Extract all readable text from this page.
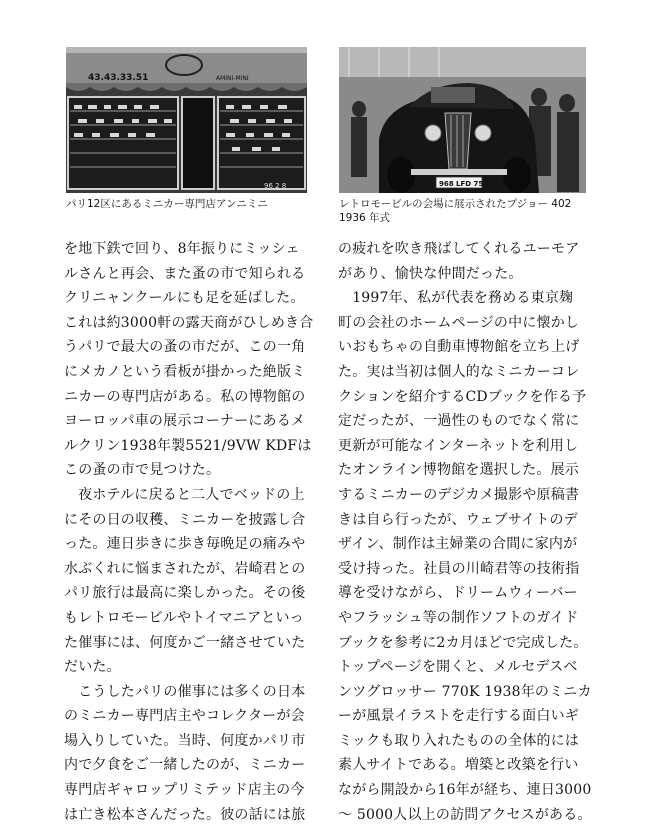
43.43.33.51	AMINI-MINI
96 2 8
パリ12区にあるミニカー専門店アンニミニ
968 LFD 75
レトロモービルの会場に展示されたプジョー 402
1936 年式
を地下鉄で回り、8年振りにミッシェ
ルさんと再会、また蚤の市で知られる
クリニャンクールにも足を延ばした。
これは約3000軒の露天商がひしめき合
うパリで最大の蚤の市だが、この一角
にメカノという看板が掛かった絶版ミ
ニカーの専門店がある。私の博物館の
ヨーロッパ車の展示コーナーにあるメ
ルクリン1938年製5521/9VW KDFは
この蚤の市で見つけた。
　夜ホテルに戻ると二人でベッドの上
にその日の収穫、ミニカーを披露し合
った。連日歩きに歩き毎晩足の痛みや
水ぶくれに悩まされたが、岩崎君との
パリ旅行は最高に楽しかった。その後
もレトロモービルやトイマニアといっ
た催事には、何度かご一緒させていた
だいた。
　こうしたパリの催事には多くの日本
のミニカー専門店主やコレクターが会
場入りしていた。当時、何度かパリ市
内で夕食をご一緒したのが、ミニカー
専門店ギャロップリミテッド店主の今
は亡き松本さんだった。彼の話には旅
の疲れを吹き飛ばしてくれるユーモア
があり、愉快な仲間だった。
　1997年、私が代表を務める東京麹
町の会社のホームページの中に懐かし
いおもちゃの自動車博物館を立ち上げ
た。実は当初は個人的なミニカーコレ
クションを紹介するCDブックを作る予
定だったが、一過性のものでなく常に
更新が可能なインターネットを利用し
たオンライン博物館を選択した。展示
するミニカーのデジカメ撮影や原稿書
きは自ら行ったが、ウェブサイトのデ
ザイン、制作は主婦業の合間に家内が
受け持った。社員の川崎君等の技術指
導を受けながら、ドリームウィーバー
やフラッシュ等の制作ソフトのガイド
ブックを参考に2カ月ほどで完成した。
トップページを開くと、メルセデスベ
ンツグロッサー 770K 1938年のミニカ
ーが風景イラストを走行する面白いギ
ミックも取り入れたものの全体的には
素人サイトである。増築と改築を行い
ながら開設から16年が経ち、連日3000
～ 5000人以上の訪問アクセスがある。
